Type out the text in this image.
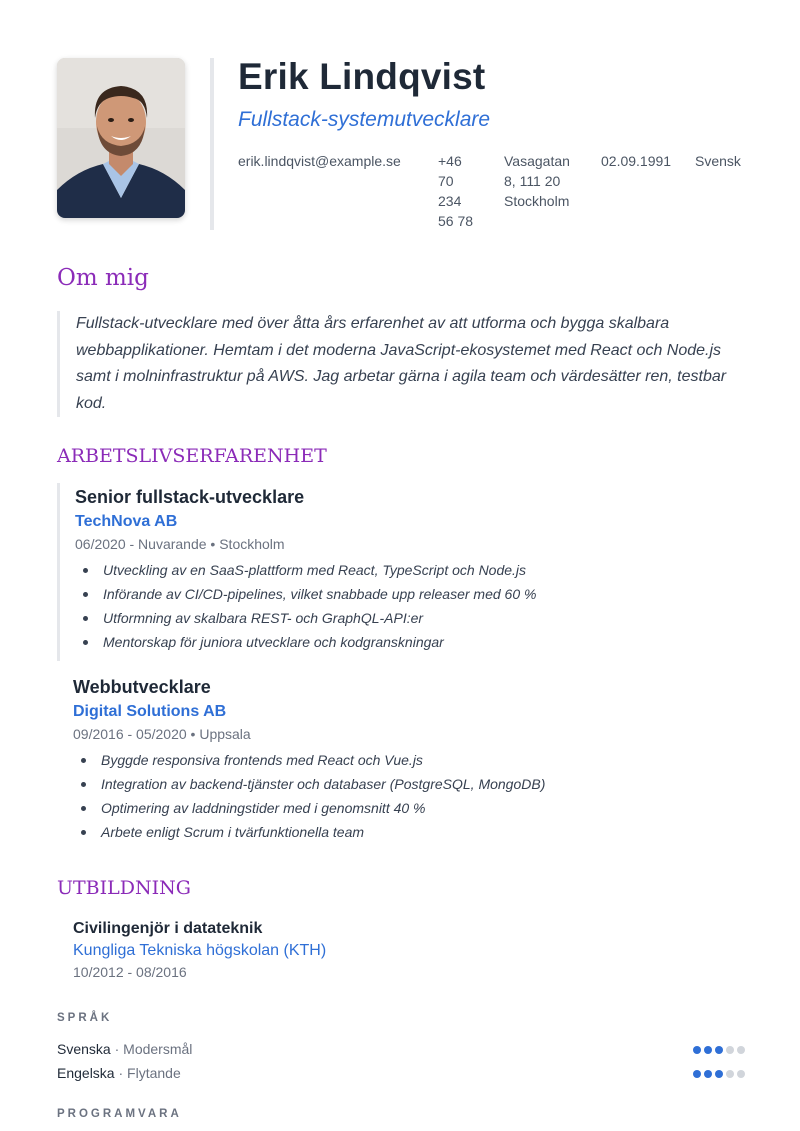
Erik Lindqvist
Fullstack-systemutvecklare
erik.lindqvist@example.se	+46
70
234
56 78
Vasagatan
8, 111 20
Stockholm
02.09.1991 Svensk
Om mig
Fullstack-utvecklare med över åtta års erfarenhet av att utforma och bygga skalbara webbapplikationer. Hemtam i det moderna JavaScript-ekosystemet med React och Node.js samt i molninfrastruktur på AWS. Jag arbetar gärna i agila team och värdesätter ren, testbar kod.
ARBETSLIVSERFARENHET
Senior fullstack-utvecklare
TechNova AB
06/2020 - Nuvarande • Stockholm
Utveckling av en SaaS-plattform med React, TypeScript och Node.js
Införande av CI/CD-pipelines, vilket snabbade upp releaser med 60 %
Utformning av skalbara REST- och GraphQL-API:er
Mentorskap för juniora utvecklare och kodgranskningar
Webbutvecklare
Digital Solutions AB
09/2016 - 05/2020 • Uppsala
Byggde responsiva frontends med React och Vue.js
Integration av backend-tjänster och databaser (PostgreSQL, MongoDB)
Optimering av laddningstider med i genomsnitt 40 %
Arbete enligt Scrum i tvärfunktionella team
UTBILDNING
Civilingenjör i datateknik
Kungliga Tekniska högskolan (KTH)
10/2012 - 08/2016
SPRÅK
Svenska · Modersmål
Engelska · Flytande
PROGRAMVARA
